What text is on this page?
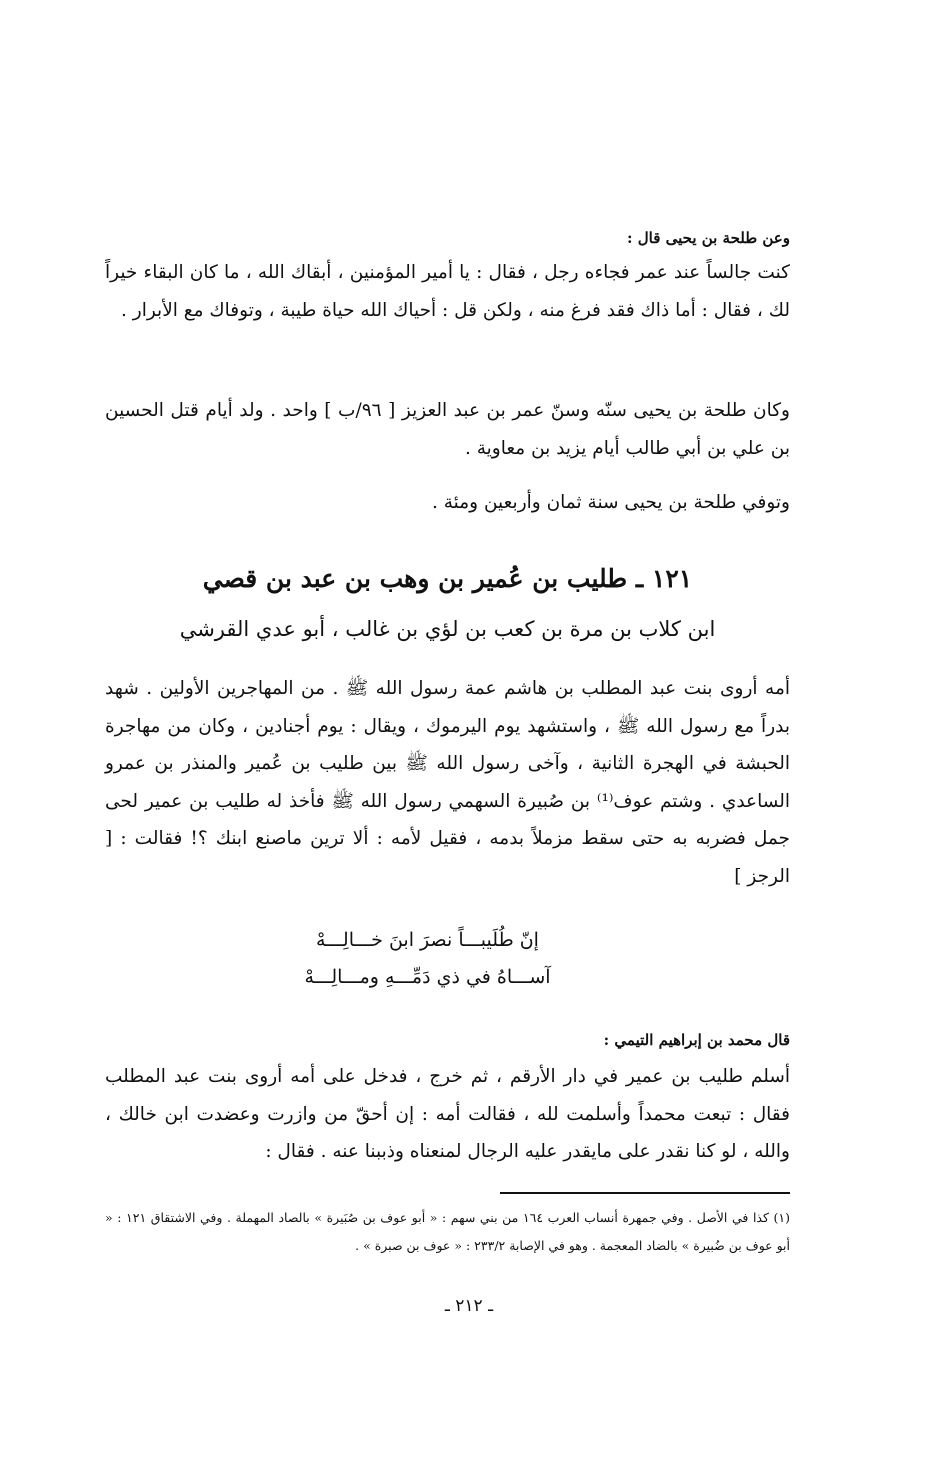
وعن طلحة بن يحيى قال :
كنت جالساً عند عمر فجاءه رجل ، فقال : يا أمير المؤمنين ، أبقاك الله ، ما كان البقاء خيراً لك ، فقال : أما ذاك فقد فرغ منه ، ولكن قل : أحياك الله حياة طيبة ، وتوفاك مع الأبرار .
وكان طلحة بن يحيى سنّه وسنّ عمر بن عبد العزيز [ ٩٦/ب ] واحد . ولد أيام قتل الحسين بن علي بن أبي طالب أيام يزيد بن معاوية .
وتوفي طلحة بن يحيى سنة ثمان وأربعين ومئة .
١٢١ ـ طليب بن عُمير بن وهب بن عبد بن قصي
ابن كلاب بن مرة بن كعب بن لؤي بن غالب ، أبو عدي القرشي
أمه أروى بنت عبد المطلب بن هاشم عمة رسول الله ﷺ . من المهاجرين الأولين . شهد بدراً مع رسول الله ﷺ ، واستشهد يوم اليرموك ، ويقال : يوم أجنادين ، وكان من مهاجرة الحبشة في الهجرة الثانية ، وآخى رسول الله ﷺ بين طليب بن عُمير والمنذر بن عمرو الساعدي . وشتم عوف⁽¹⁾ بن صُبيرة السهمي رسول الله ﷺ فأخذ له طليب بن عمير لحى جمل فضربه به حتى سقط مزملاً بدمه ، فقيل لأمه : ألا ترين ماصنع ابنك ؟! فقالت : [ الرجز ]
إنّ طُلَيبـــاً نصرَ ابنَ خـــالِـــهْ
آســـاهُ في ذي دَمِّـــهِ ومـــالِـــهْ
قال محمد بن إبراهيم التيمي :
أسلم طليب بن عمير في دار الأرقم ، ثم خرج ، فدخل على أمه أروى بنت عبد المطلب فقال : تبعت محمداً وأسلمت لله ، فقالت أمه : إن أحقّ من وازرت وعضدت ابن خالك ، والله ، لو كنا نقدر على مايقدر عليه الرجال لمنعناه وذببنا عنه . فقال :
(١) كذا في الأصل . وفي جمهرة أنساب العرب ١٦٤ من بني سهم : « أبو عوف بن صُبَيرة » بالصاد المهملة . وفي الاشتقاق ١٢١ : « أبو عوف بن ضُبيرة » بالضاد المعجمة . وهو في الإصابة ٢٣٣/٢ : « عوف بن صبرة » .
ـ ٢١٢ ـ
